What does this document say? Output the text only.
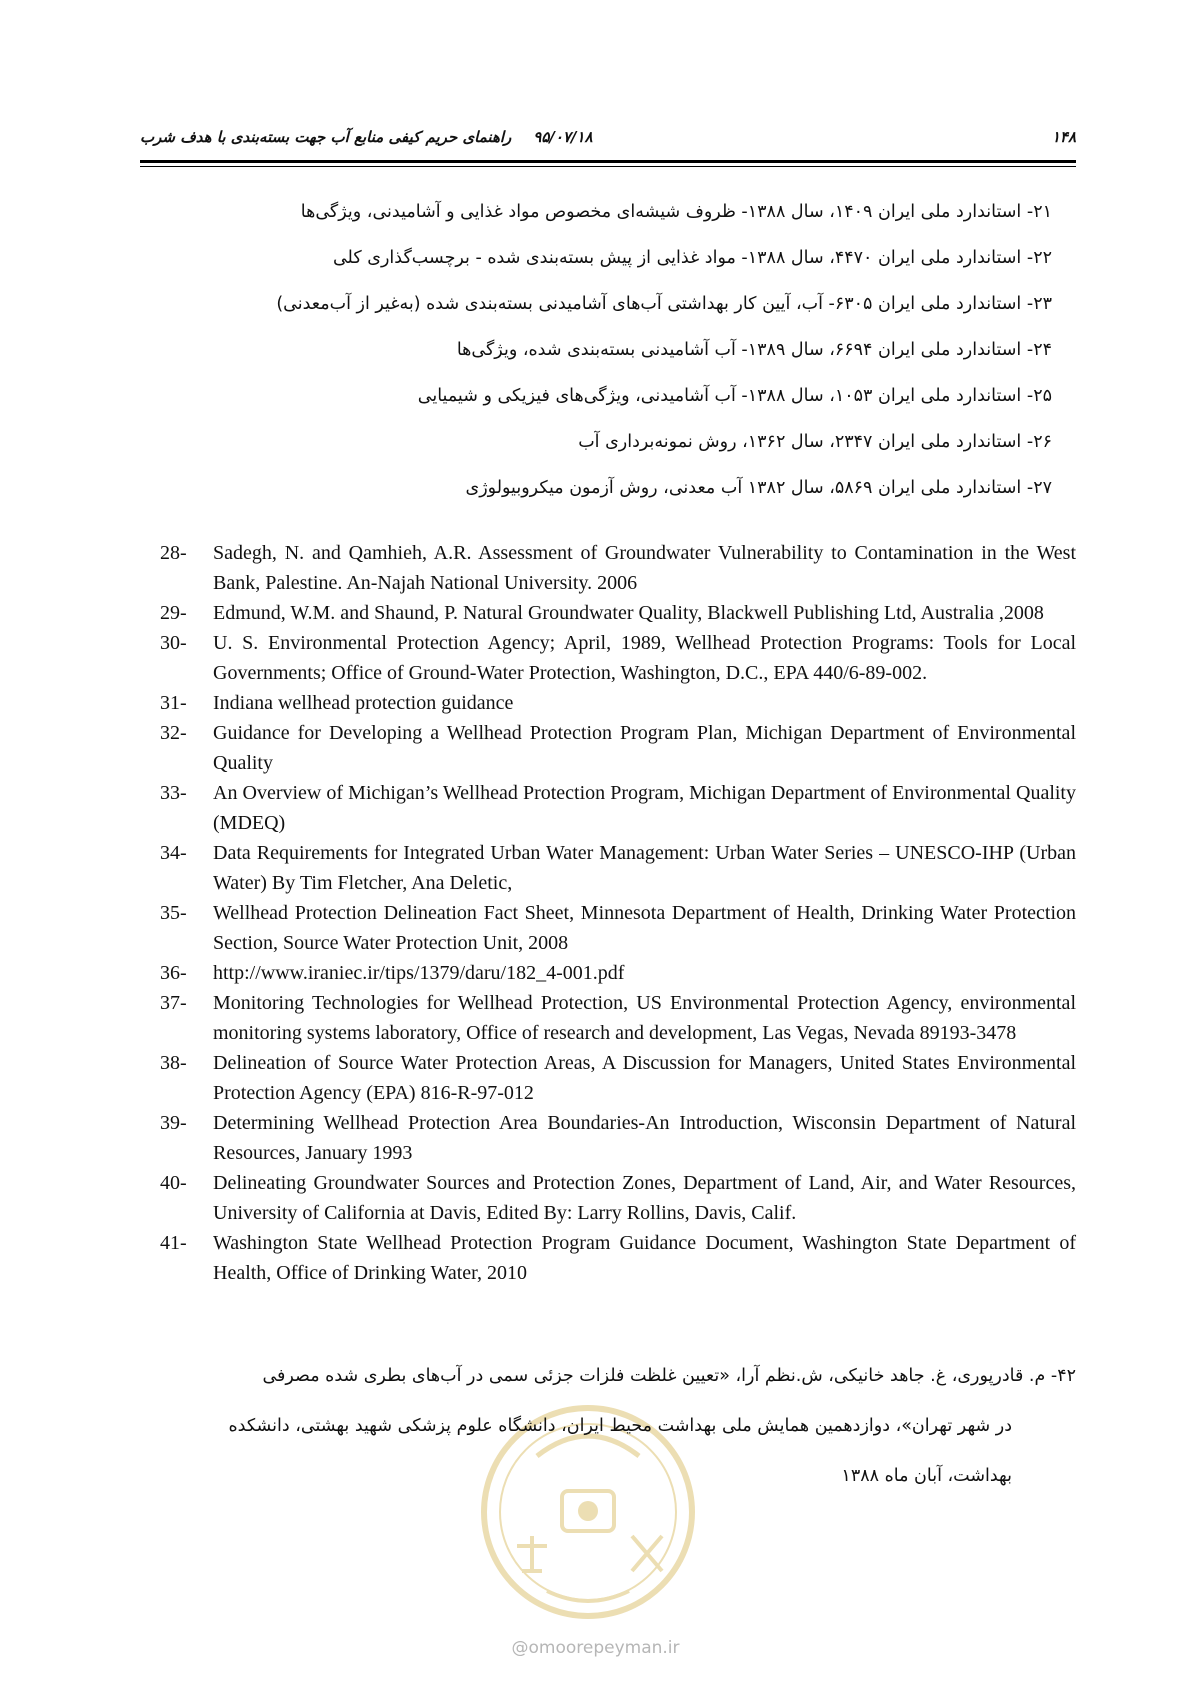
۱۴۸
۹۵/۰۷/۱۸راهنمای حریم کیفی منابع آب جهت بسته‌بندی با هدف شرب
۲۱- استاندارد ملی ایران ۱۴۰۹، سال ۱۳۸۸- ظروف شیشه‌ای مخصوص مواد غذایی و آشامیدنی، ویژگی‌ها
۲۲- استاندارد ملی ایران ۴۴۷۰، سال ۱۳۸۸- مواد غذایی از پیش بسته‌بندی شده - برچسب‌گذاری کلی
۲۳- استاندارد ملی ایران ۶۳۰۵- آب، آیین کار بهداشتی آب‌های آشامیدنی بسته‌بندی شده (به‌غیر از آب‌معدنی)
۲۴- استاندارد ملی ایران ۶۶۹۴، سال ۱۳۸۹- آب آشامیدنی بسته‌بندی شده، ویژگی‌ها
۲۵- استاندارد ملی ایران ۱۰۵۳، سال ۱۳۸۸- آب آشامیدنی، ویژگی‌های فیزیکی و شیمیایی
۲۶- استاندارد ملی ایران ۲۳۴۷، سال ۱۳۶۲، روش نمونه‌برداری آب
۲۷- استاندارد ملی ایران ۵۸۶۹، سال ۱۳۸۲ آب معدنی، روش آزمون میکروبیولوژی
28- Sadegh, N. and Qamhieh, A.R. Assessment of Groundwater Vulnerability to Contamination in the West Bank, Palestine. An-Najah National University. 2006
29- Edmund, W.M. and Shaund, P. Natural Groundwater Quality, Blackwell Publishing Ltd, Australia ,2008
30- U. S. Environmental Protection Agency; April, 1989, Wellhead Protection Programs: Tools for Local Governments; Office of Ground-Water Protection, Washington, D.C., EPA 440/6-89-002.
31- Indiana wellhead protection guidance
32- Guidance for Developing a Wellhead Protection Program Plan, Michigan Department of Environmental Quality
33- An Overview of Michigan’s Wellhead Protection Program, Michigan Department of Environmental Quality (MDEQ)
34- Data Requirements for Integrated Urban Water Management: Urban Water Series – UNESCO-IHP (Urban Water) By Tim Fletcher, Ana Deletic,
35- Wellhead Protection Delineation Fact Sheet, Minnesota Department of Health, Drinking Water Protection Section, Source Water Protection Unit, 2008
36- http://www.iraniec.ir/tips/1379/daru/182_4-001.pdf
37- Monitoring Technologies for Wellhead Protection, US Environmental Protection Agency, environmental monitoring systems laboratory, Office of research and development, Las Vegas, Nevada 89193-3478
38- Delineation of Source Water Protection Areas, A Discussion for Managers, United States Environmental Protection Agency (EPA) 816-R-97-012
39- Determining Wellhead Protection Area Boundaries-An Introduction, Wisconsin Department of Natural Resources, January 1993
40- Delineating Groundwater Sources and Protection Zones, Department of Land, Air, and Water Resources, University of California at Davis, Edited By: Larry Rollins, Davis, Calif.
41- Washington State Wellhead Protection Program Guidance Document, Washington State Department of Health, Office of Drinking Water, 2010
۴۲- م. قادرپوری، غ. جاهد خانیکی، ش.نظم آرا، «تعیین غلظت فلزات جزئی سمی در آب‌های بطری شده مصرفی
در شهر تهران»، دوازدهمین همایش ملی بهداشت محیط ایران، دانشگاه علوم پزشکی شهید بهشتی، دانشکده
بهداشت، آبان ماه ۱۳۸۸
@omoorepeyman.ir
